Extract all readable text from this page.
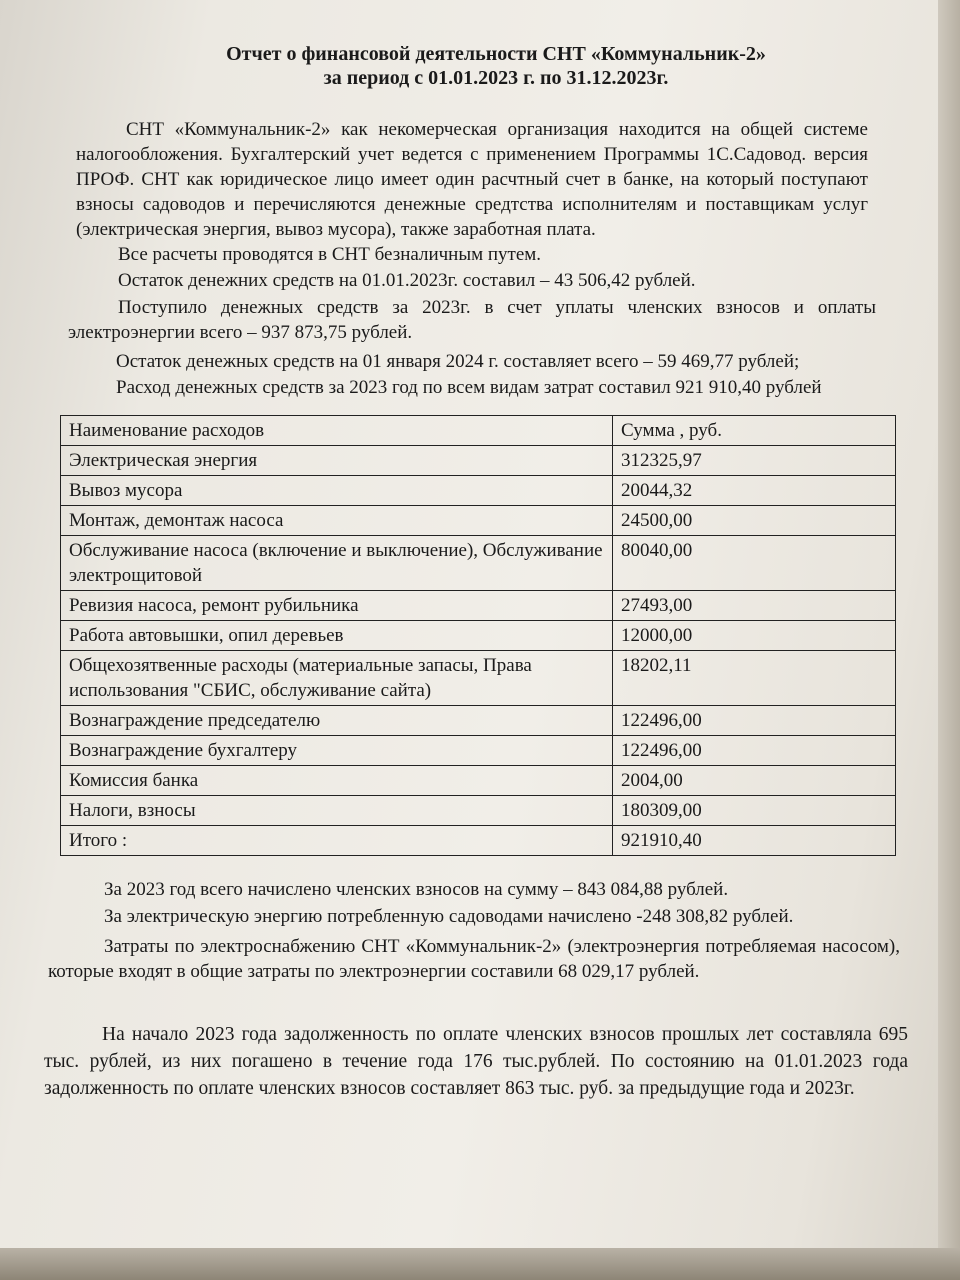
Отчет о финансовой деятельности СНТ «Коммунальник-2»
за период с 01.01.2023 г. по 31.12.2023г.
СНТ «Коммунальник-2» как некомерческая организация находится на общей системе налогообложения. Бухгалтерский учет ведется с применением Программы 1С.Садовод. версия ПРОФ. СНТ как юридическое лицо имеет один расчтный счет в банке, на который поступают взносы садоводов и перечисляются денежные средтства исполнителям и поставщикам услуг (электрическая энергия, вывоз мусора), также заработная плата.
Все расчеты проводятся в СНТ безналичным путем.
Остаток денежних средств на 01.01.2023г. составил – 43 506,42 рублей.
Поступило денежных средств за 2023г. в счет уплаты членских взносов и оплаты электроэнергии всего – 937 873,75 рублей.
Остаток денежных средств на 01 января 2024 г. составляет всего – 59 469,77 рублей;
Расход денежных средств за 2023 год по всем видам затрат составил 921 910,40 рублей
Наименование расходов	Сумма , руб.
Электрическая энергия	312325,97
Вывоз мусора	20044,32
Монтаж, демонтаж насоса	24500,00
Обслуживание насоса (включение и выключение), Обслуживание электрощитовой	80040,00
Ревизия насоса, ремонт рубильника	27493,00
Работа автовышки, опил деревьев	12000,00
Общехозятвенные расходы (материальные запасы, Права использования "СБИС, обслуживание сайта)	18202,11
Вознаграждение председателю	122496,00
Вознаграждение бухгалтеру	122496,00
Комиссия банка	2004,00
Налоги, взносы	180309,00
Итого :	921910,40
За 2023 год всего начислено членских взносов на сумму – 843 084,88 рублей.
За электрическую энергию потребленную садоводами начислено -248 308,82 рублей.
Затраты по электроснабжению СНТ «Коммунальник-2» (электроэнергия потребляемая насосом), которые входят в общие затраты по электроэнергии составили 68 029,17 рублей.
На начало 2023 года задолженность по оплате членских взносов прошлых лет составляла 695 тыс. рублей, из них погашено в течение года 176 тыс.рублей. По состоянию на 01.01.2023 года задолженность по оплате членских взносов составляет 863 тыс. руб. за предыдущие года и 2023г.
